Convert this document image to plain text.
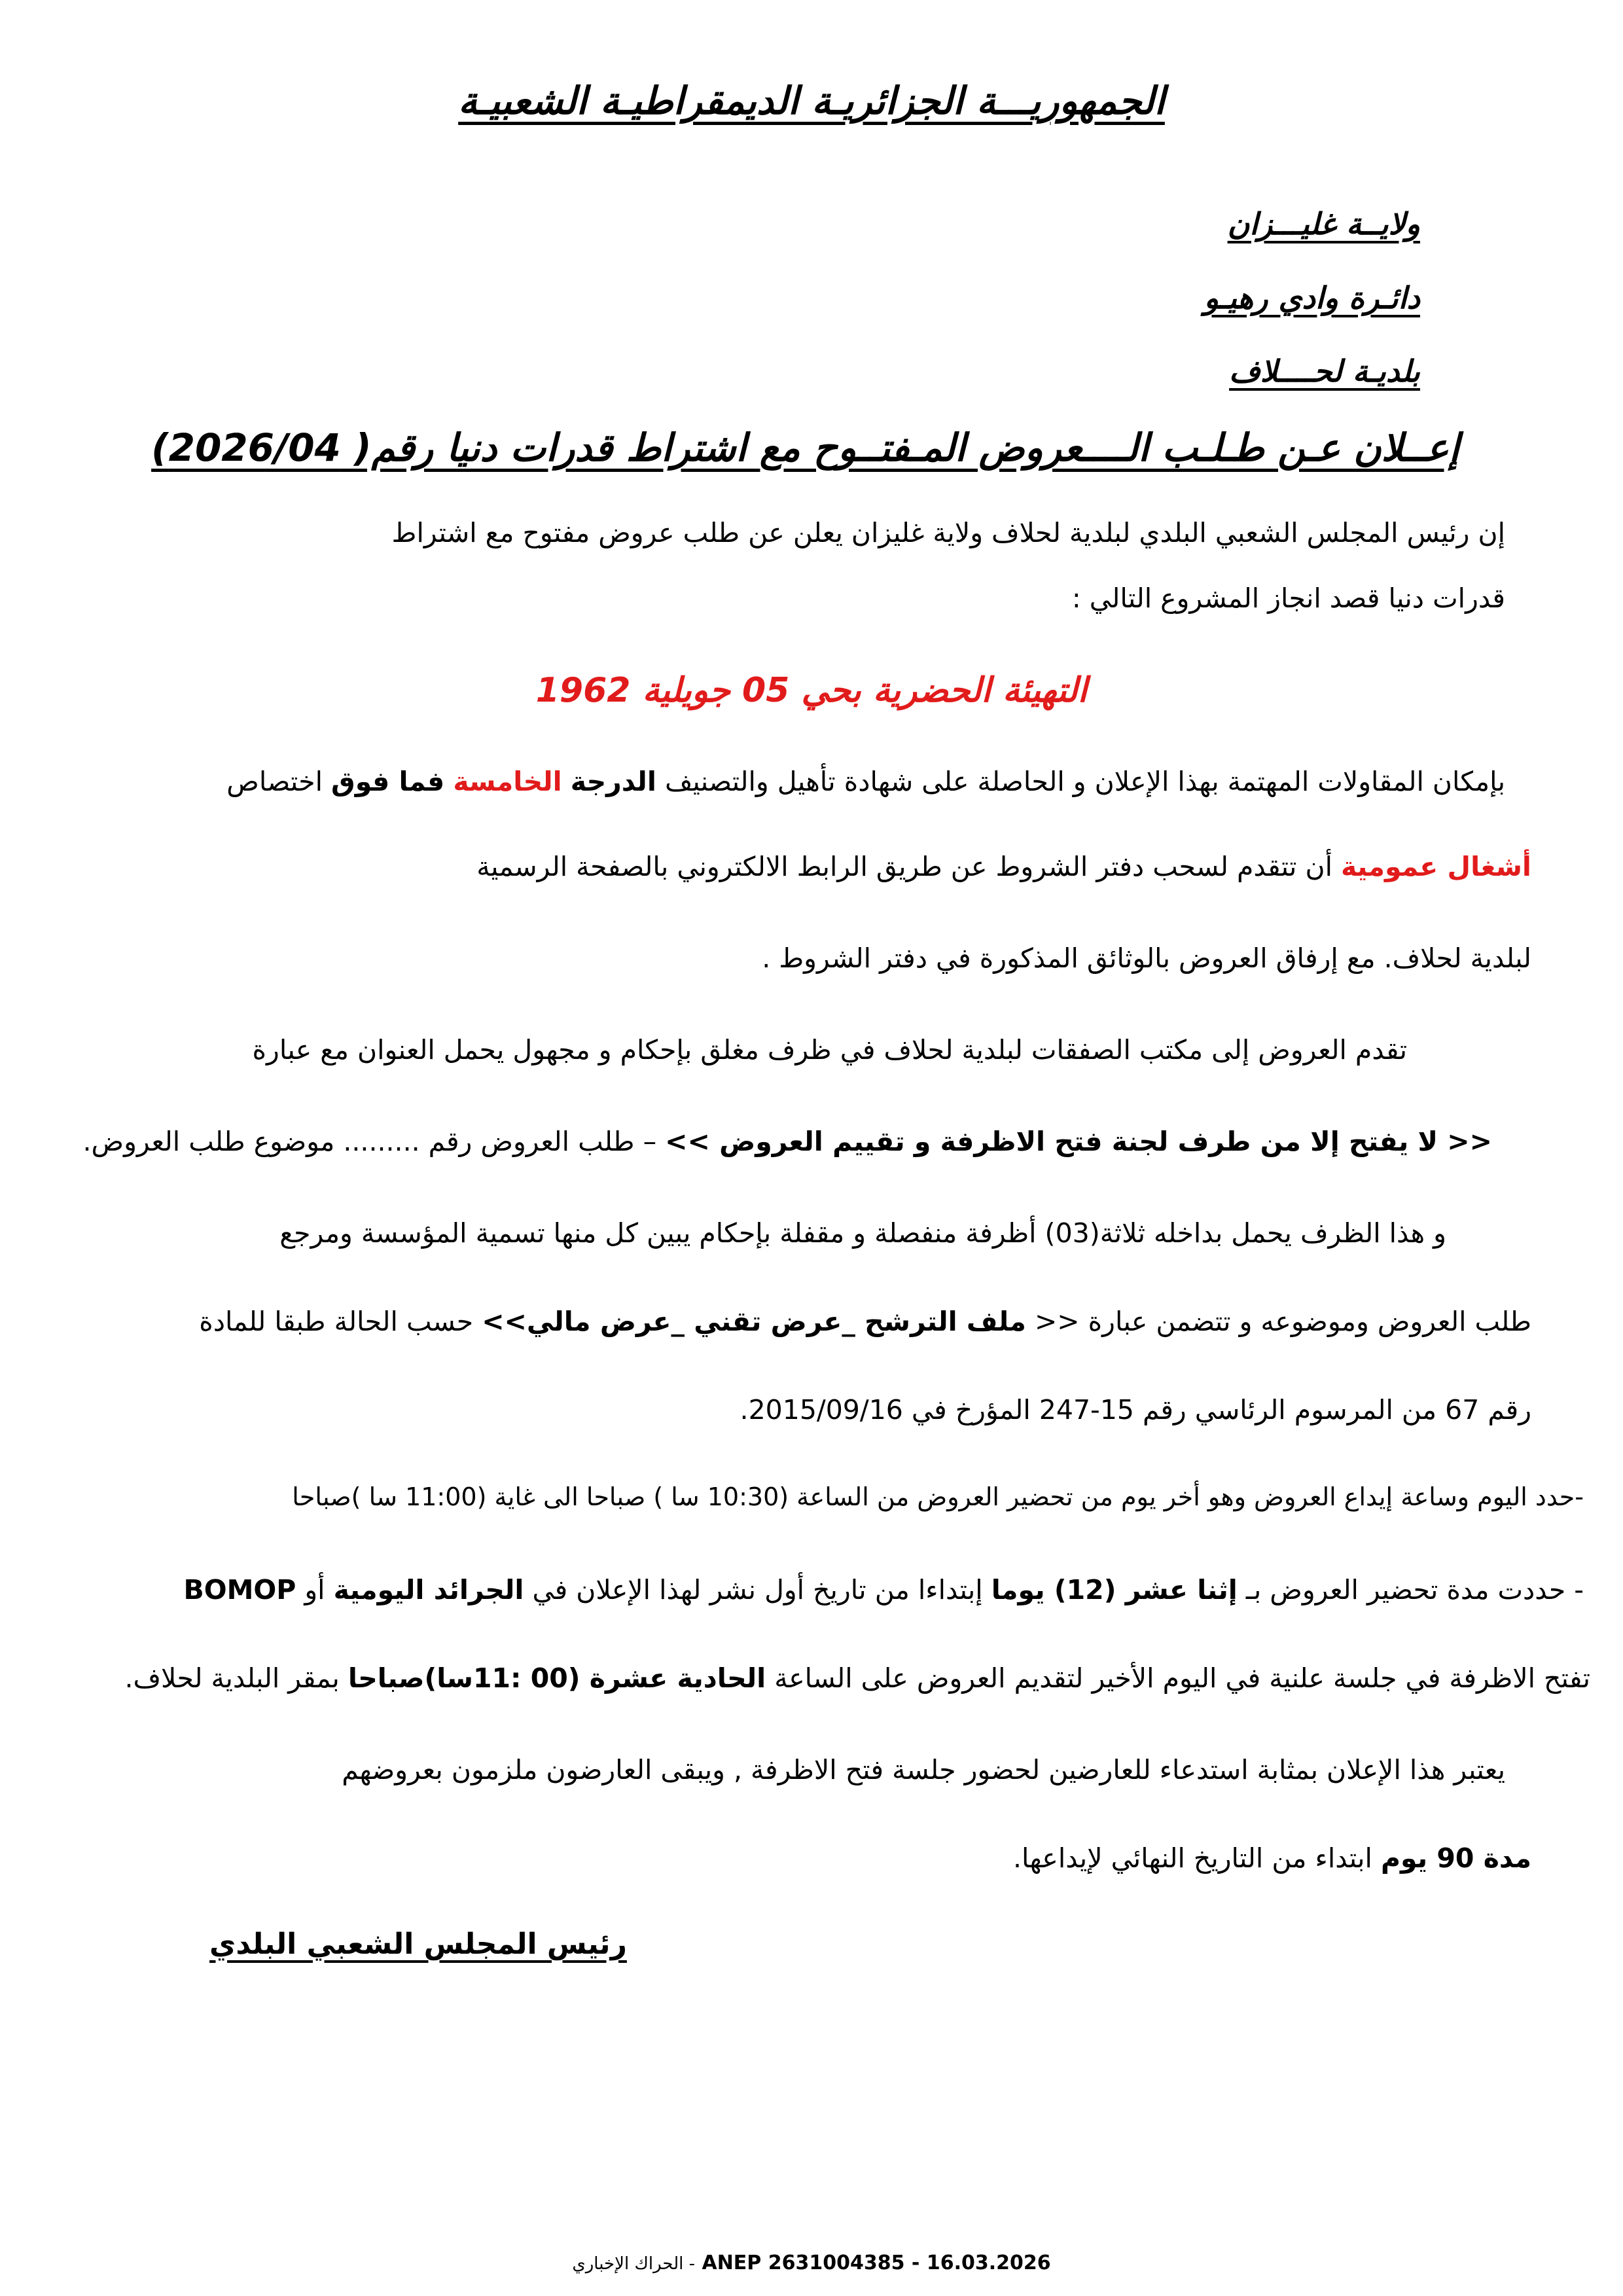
الجمهوريـــة الجزائريـة الديمقراطيـة الشعبيـة
ولايــة غليـــزان
دائـرة وادي رهيـو
بلديـة لحــــلاف
إعــلان عـن طـلـب الــــعروض المـفتــوح مع اشتراط قدرات دنيا رقم( 2026/04)
إن رئيس المجلس الشعبي البلدي لبلدية لحلاف ولاية غليزان يعلن عن طلب عروض مفتوح مع اشتراط
قدرات دنيا قصد انجاز المشروع التالي :
التهيئة الحضرية بحي 05 جويلية 1962
بإمكان المقاولات المهتمة بهذا الإعلان و الحاصلة على شهادة تأهيل والتصنيف الدرجة الخامسة فما فوق اختصاص
أشغال عمومية أن تتقدم لسحب دفتر الشروط عن طريق الرابط الالكتروني بالصفحة الرسمية
لبلدية لحلاف. مع إرفاق العروض بالوثائق المذكورة في دفتر الشروط .
تقدم العروض إلى مكتب الصفقات لبلدية لحلاف في ظرف مغلق بإحكام و مجهول يحمل العنوان مع عبارة
<< لا يفتح إلا من طرف لجنة فتح الاظرفة و تقييم العروض >> – طلب العروض رقم ......... موضوع طلب العروض.
و هذا الظرف يحمل بداخله ثلاثة(03) أظرفة منفصلة و مقفلة بإحكام يبين كل منها تسمية المؤسسة ومرجع
طلب العروض وموضوعه و تتضمن عبارة << ملف الترشح _عرض تقني _عرض مالي>> حسب الحالة طبقا للمادة
رقم 67 من المرسوم الرئاسي رقم 15-247 المؤرخ في 2015/09/16.
-حدد اليوم وساعة إيداع العروض وهو أخر يوم من تحضير العروض من الساعة (10:30 سا ) صباحا الى غاية (11:00 سا )صباحا
- حددت مدة تحضير العروض بـ إثنا عشر (12) يوما إبتداءا من تاريخ أول نشر لهذا الإعلان في الجرائد اليومية أو BOMOP
تفتح الاظرفة في جلسة علنية في اليوم الأخير لتقديم العروض على الساعة الحادية عشرة (00 :11سا)صباحا بمقر البلدية لحلاف.
يعتبر هذا الإعلان بمثابة استدعاء للعارضين لحضور جلسة فتح الاظرفة , ويبقى العارضون ملزمون بعروضهم
مدة 90 يوم ابتداء من التاريخ النهائي لإيداعها.
رئيس المجلس الشعبي البلدي
الحراك الإخباري - ANEP 2631004385 - 16.03.2026
